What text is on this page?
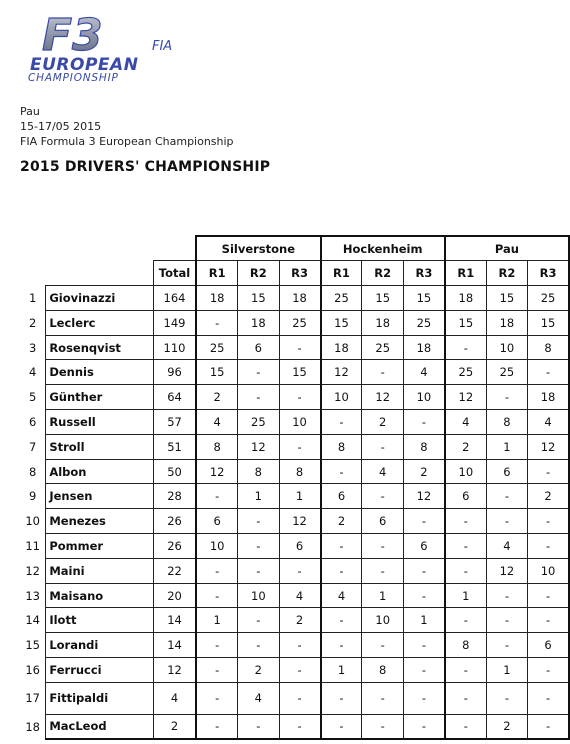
F3	FIA
EUROPEAN
CHAMPIONSHIP
Pau
15-17/05 2015
FIA Formula 3 European Championship
2015 DRIVERS' CHAMPIONSHIP
			Silverstone			Hockenheim			Pau		
		Total	R1	R2	R3	R1	R2	R3	R1	R2	R3
1	Giovinazzi	164	18	15	18	25	15	15	18	15	25
2	Leclerc	149	-	18	25	15	18	25	15	18	15
3	Rosenqvist	110	25	6	-	18	25	18	-	10	8
4	Dennis	96	15	-	15	12	-	4	25	25	-
5	Günther	64	2	-	-	10	12	10	12	-	18
6	Russell	57	4	25	10	-	2	-	4	8	4
7	Stroll	51	8	12	-	8	-	8	2	1	12
8	Albon	50	12	8	8	-	4	2	10	6	-
9	Jensen	28	-	1	1	6	-	12	6	-	2
10	Menezes	26	6	-	12	2	6	-	-	-	-
11	Pommer	26	10	-	6	-	-	6	-	4	-
12	Maini	22	-	-	-	-	-	-	-	12	10
13	Maisano	20	-	10	4	4	1	-	1	-	-
14	Ilott	14	1	-	2	-	10	1	-	-	-
15	Lorandi	14	-	-	-	-	-	-	8	-	6
16	Ferrucci	12	-	2	-	1	8	-	-	1	-
17	Fittipaldi	4	-	4	-	-	-	-	-	-	-
18	MacLeod	2	-	-	-	-	-	-	-	2	-
